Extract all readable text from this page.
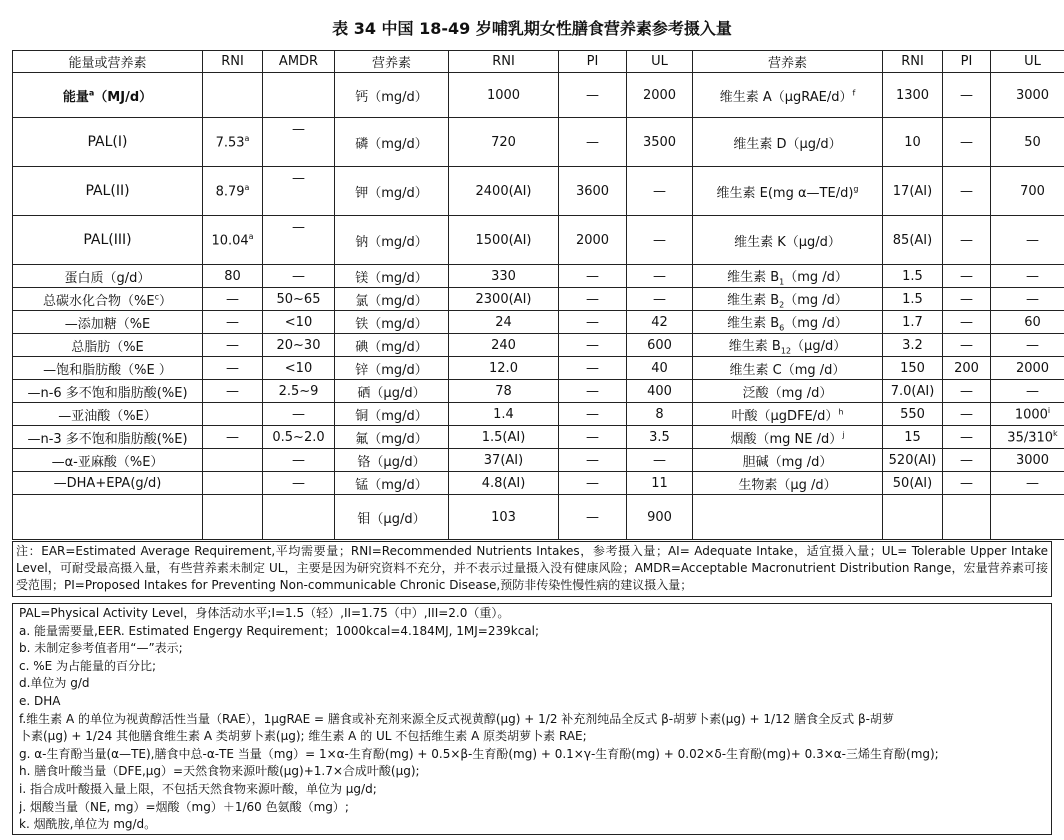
表 34 中国 18-49 岁哺乳期女性膳食营养素参考摄入量
能量或营养素	RNI	AMDR	营养素	RNI	PI	UL	营养素	RNI	PI	UL
能量$^a$（MJ/d）			钙（mg/d）	1000	—	2000	维生素 A（μgRAE/d）$^f$	1300	—	3000
PAL(I)	7.53$^a$	—	磷（mg/d）	720	—	3500	维生素 D（μg/d）	10	—	50
PAL(II)	8.79$^a$	—	钾（mg/d）	2400(AI)	3600	—	维生素 E(mg α—TE/d)$^g$	17(AI)	—	700
PAL(III)	10.04$^a$	—	钠（mg/d）	1500(AI)	2000	—	维生素 K（μg/d）	85(AI)	—	—
蛋白质（g/d）	80	—	镁（mg/d）	330	—	—	维生素 $B_1(mg$ /d）	1.5	—	—
总碳水化合物$(\%E^c)$	—	50~65	氯（mg/d）	2300(AI)	—	—	维生素 $B_2(mg$ /d）	1.5	—	—
—添加糖（%E	—	<10	铁（mg/d）	24	—	42	维生素 $B_6(mg$ /d）	1.7	—	60
总脂肪（%E	—	20~30	碘（mg/d）	240	—	600	维生素 $B_{12}(\mu g/d)$	3.2	—	—
—饱和脂肪酸（%E ）	—	<10	锌（mg/d）	12.0	—	40	维生素 C（mg /d）	150	200	2000
—n-6 多不饱和脂肪酸(%E)	—	2.5~9	硒（μg/d）	78	—	400	泛酸（mg /d）	7.0(AI)	—	—
—亚油酸（%E）		—	铜（mg/d）	1.4	—	8	叶酸（μgDFE/d）$^h$	550	—	1000$^i$
—n-3 多不饱和脂肪酸(%E)	—	0.5~2.0	氟（mg/d）	1.5(AI)	—	3.5	烟酸（mg NE /d）$^j$	15	—	35/310$^k$
—α-亚麻酸（%E）		—	铬（μg/d）	37(AI)	—	—	胆碱（mg /d）	520(AI)	—	3000
—DHA+EPA(g/d)		—	锰（mg/d）	4.8(AI)	—	11	生物素（μg /d）	50(AI)	—	—
			钼（μg/d）	103	—	900				
注：EAR=Estimated Average Requirement,平均需要量；RNI=Recommended Nutrients Intakes，参考摄入量；AI= Adequate Intake，适宜摄入量；UL= Tolerable Upper Intake Level，可耐受最高摄入量，有些营养素未制定 UL，主要是因为研究资料不充分，并不表示过量摄入没有健康风险；AMDR=Acceptable Macronutrient Distribution Range，宏量营养素可接受范围；PI=Proposed Intakes for Preventing Non-communicable Chronic Disease,预防非传染性慢性病的建议摄入量；
PAL=Physical Activity Level，身体活动水平;I=1.5（轻）,II=1.75（中）,III=2.0（重）。
a. 能量需要量,EER. Estimated Engergy Requirement；1000kcal=4.184MJ, 1MJ=239kcal;
b. 未制定参考值者用“—”表示;
c. %E 为占能量的百分比;
d.单位为 g/d
e. DHA
f.维生素 A 的单位为视黄醇活性当量（RAE），1μgRAE = 膳食或补充剂来源全反式视黄醇(μg) + 1/2 补充剂纯品全反式 β-胡萝卜素(μg) + 1/12 膳食全反式 β-胡萝
卜素(μg) + 1/24 其他膳食维生素 A 类胡萝卜素(μg); 维生素 A 的 UL 不包括维生素 A 原类胡萝卜素 RAE;
g. α-生育酚当量(α—TE),膳食中总-α-TE 当量（mg）= 1×α-生育酚(mg) + 0.5×β-生育酚(mg) + 0.1×γ-生育酚(mg) + 0.02×δ-生育酚(mg)+ 0.3×α-三烯生育酚(mg);
h. 膳食叶酸当量（DFE,μg）=天然食物来源叶酸(μg)+1.7×合成叶酸(μg);
i. 指合成叶酸摄入量上限，不包括天然食物来源叶酸，单位为 μg/d;
j. 烟酸当量（NE, mg）=烟酸（mg）＋1/60 色氨酸（mg）;
k. 烟酰胺,单位为 mg/d。
